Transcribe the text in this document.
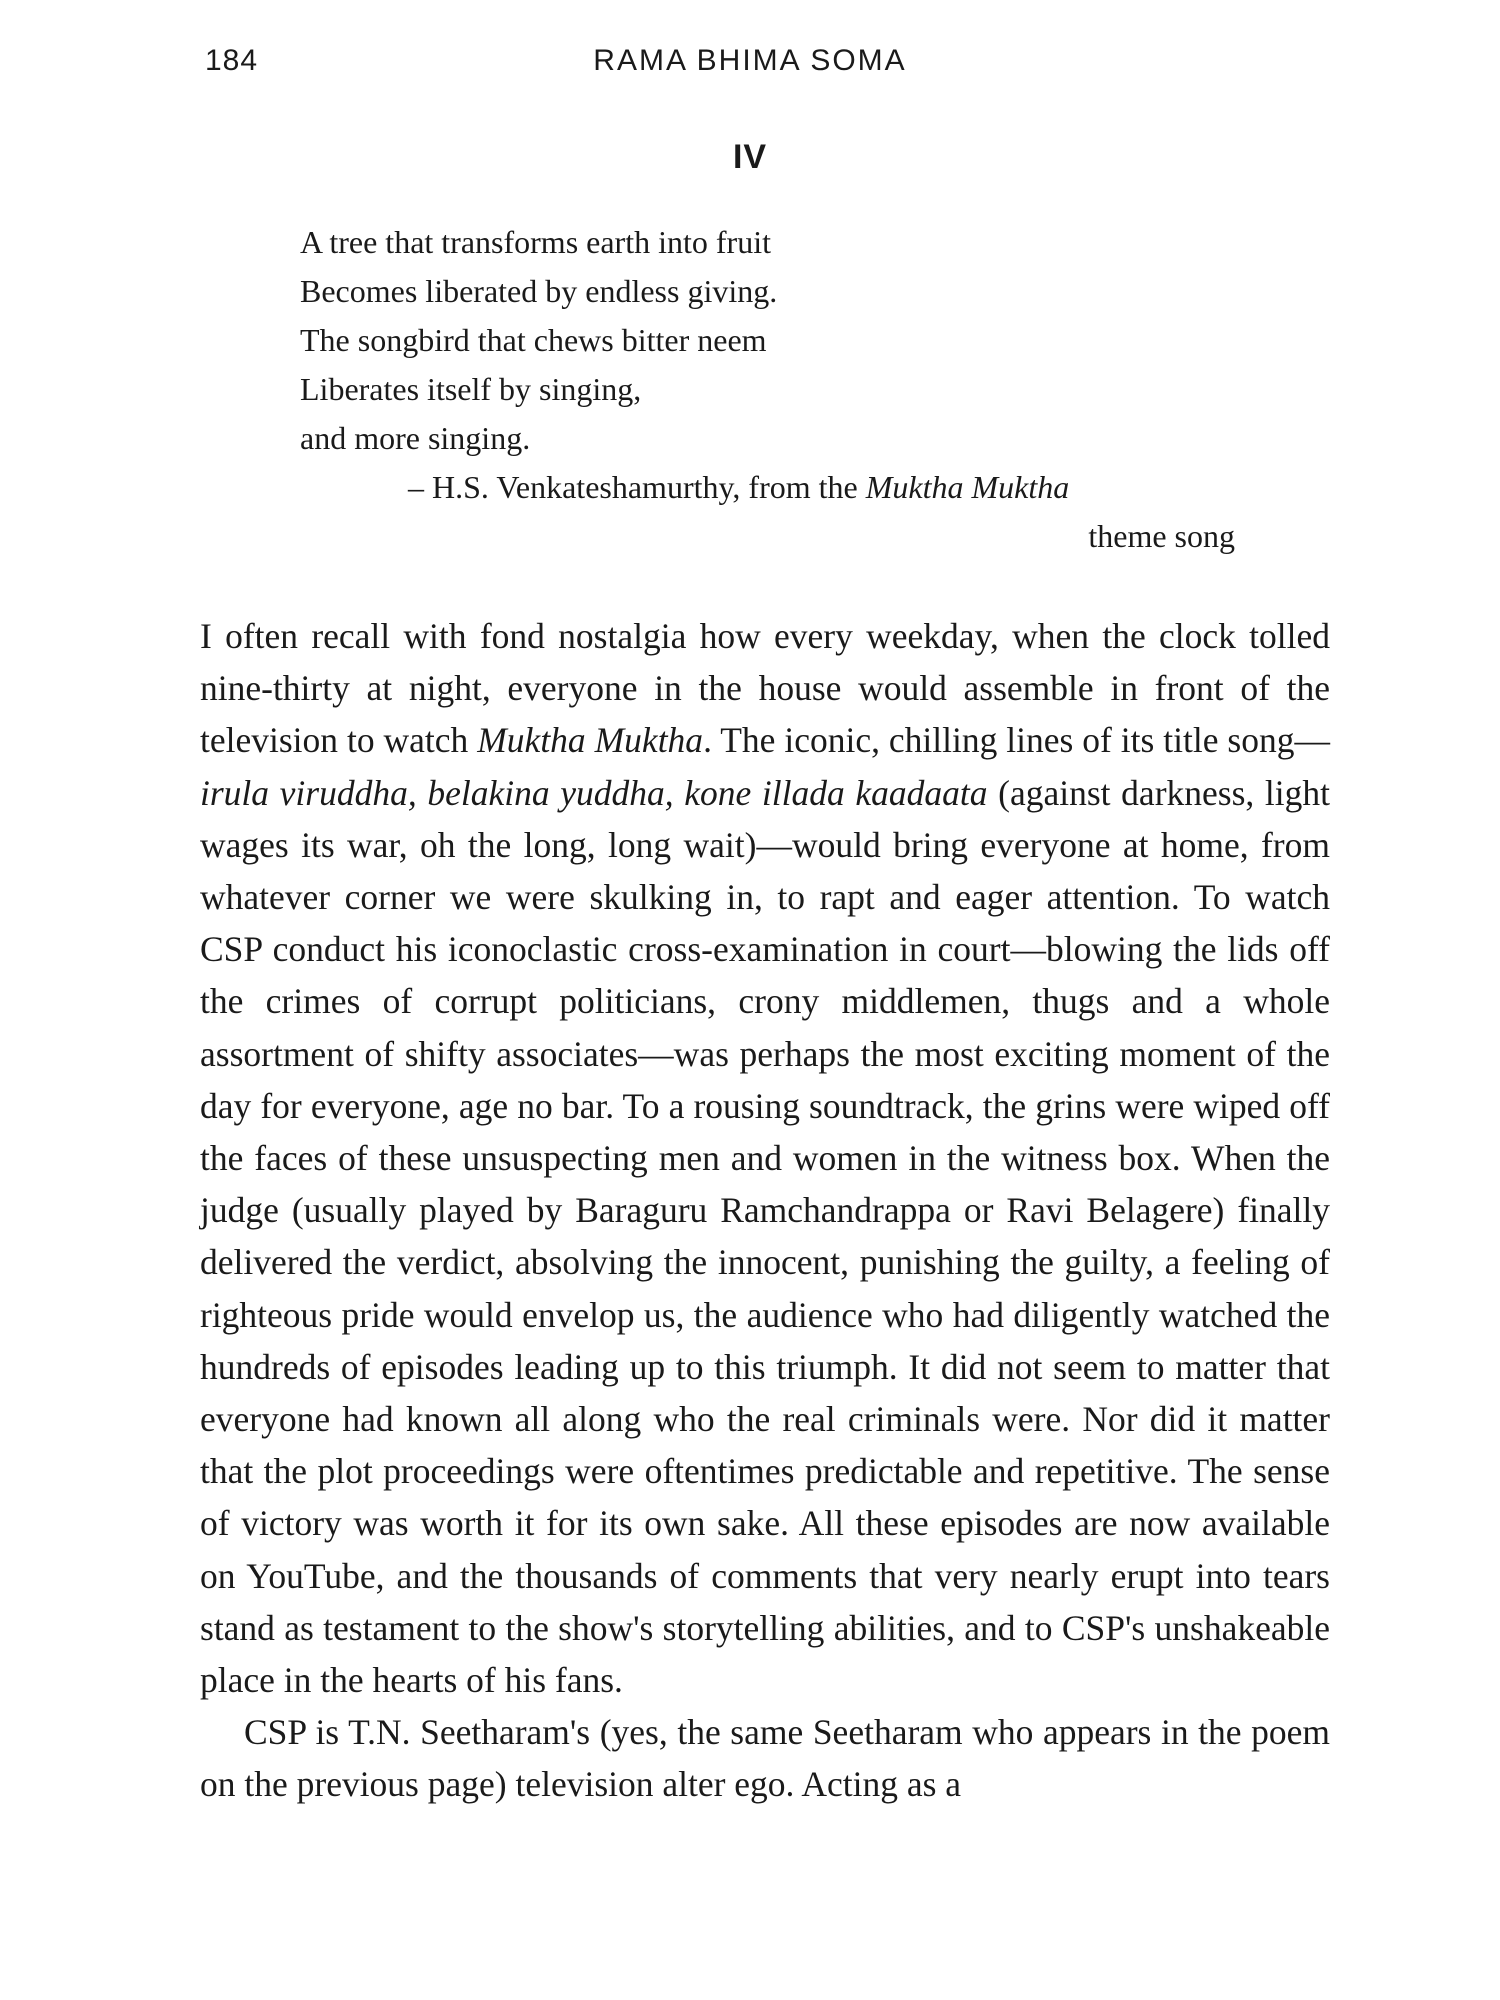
184	RAMA BHIMA SOMA
IV
A tree that transforms earth into fruit
Becomes liberated by endless giving.
The songbird that chews bitter neem
Liberates itself by singing,
and more singing.
– H.S. Venkateshamurthy, from the Muktha Muktha
theme song

I often recall with fond nostalgia how every weekday, when the clock tolled nine-thirty at night, everyone in the house would assemble in front of the television to watch Muktha Muktha. The iconic, chilling lines of its title song—irula viruddha, belakina yuddha, kone illada kaadaata (against darkness, light wages its war, oh the long, long wait)—would bring everyone at home, from whatever corner we were skulking in, to rapt and eager attention. To watch CSP conduct his iconoclastic cross-examination in court—blowing the lids off the crimes of corrupt politicians, crony middlemen, thugs and a whole assortment of shifty associates—was perhaps the most exciting moment of the day for everyone, age no bar. To a rousing soundtrack, the grins were wiped off the faces of these unsuspecting men and women in the witness box. When the judge (usually played by Baraguru Ramchandrappa or Ravi Belagere) finally delivered the verdict, absolving the innocent, punishing the guilty, a feeling of righteous pride would envelop us, the audience who had diligently watched the hundreds of episodes leading up to this triumph. It did not seem to matter that everyone had known all along who the real criminals were. Nor did it matter that the plot proceedings were oftentimes predictable and repetitive. The sense of victory was worth it for its own sake. All these episodes are now available on YouTube, and the thousands of comments that very nearly erupt into tears stand as testament to the show's storytelling abilities, and to CSP's unshakeable place in the hearts of his fans.

CSP is T.N. Seetharam's (yes, the same Seetharam who appears in the poem on the previous page) television alter ego. Acting as a
